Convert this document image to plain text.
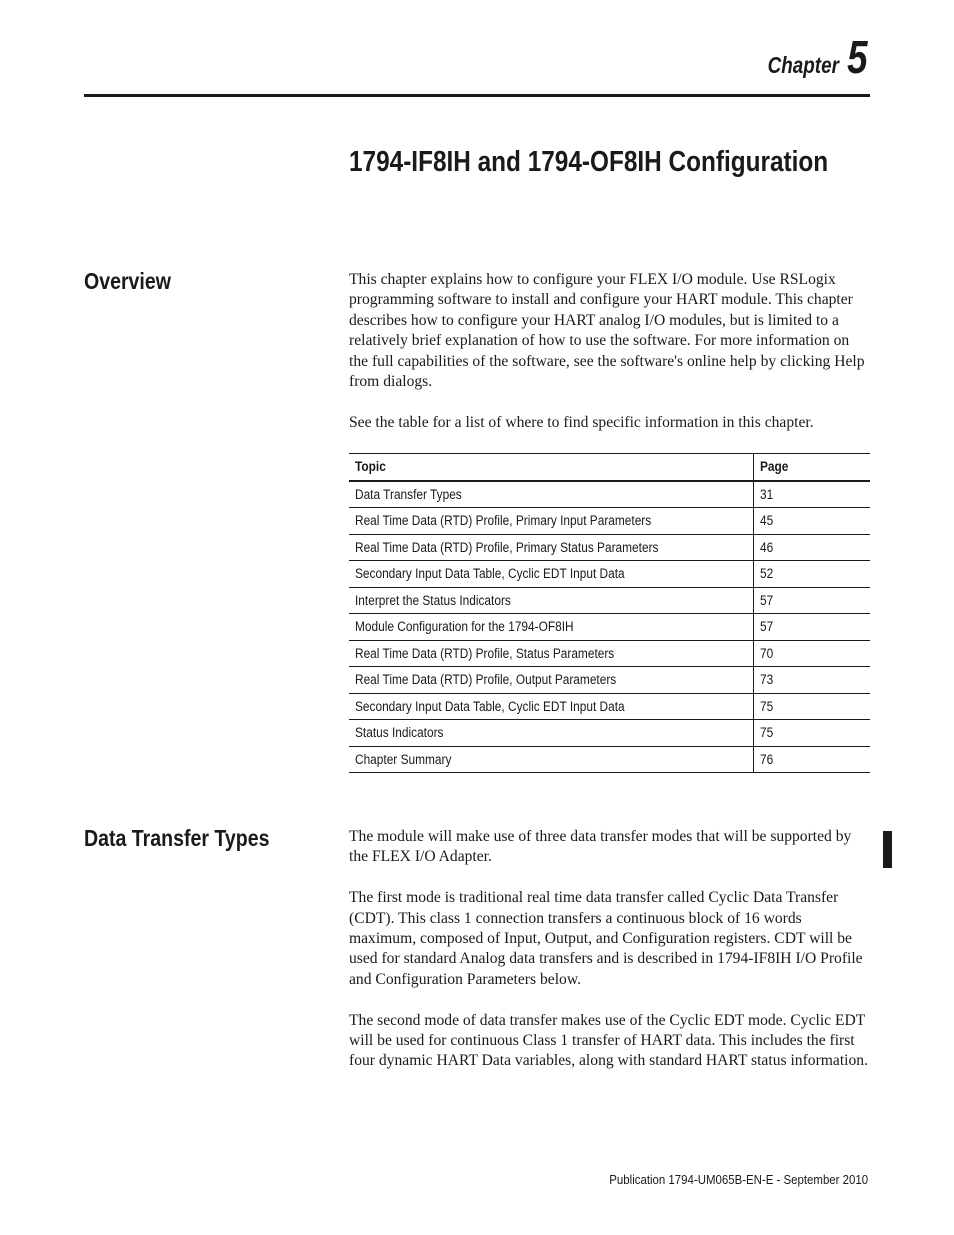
Chapter 5
1794-IF8IH and 1794-OF8IH Configuration
Overview	This chapter explains how to configure your FLEX I/O module. Use RSLogix programming software to install and configure your HART module. This chapter describes how to configure your HART analog I/O modules, but is limited to a relatively brief explanation of how to use the software. For more information on the full capabilities of the software, see the software's online help by clicking Help from dialogs.

See the table for a list of where to find specific information in this chapter.

Topic	Page
Data Transfer Types	31
Real Time Data (RTD) Profile, Primary Input Parameters	45
Real Time Data (RTD) Profile, Primary Status Parameters	46
Secondary Input Data Table, Cyclic EDT Input Data	52
Interpret the Status Indicators	57
Module Configuration for the 1794-OF8IH	57
Real Time Data (RTD) Profile, Status Parameters	70
Real Time Data (RTD) Profile, Output Parameters	73
Secondary Input Data Table, Cyclic EDT Input Data	75
Status Indicators	75
Chapter Summary	76
Data Transfer Types	The module will make use of three data transfer modes that will be supported by the FLEX I/O Adapter.

The first mode is traditional real time data transfer called Cyclic Data Transfer (CDT). This class 1 connection transfers a continuous block of 16 words maximum, composed of Input, Output, and Configuration registers. CDT will be used for standard Analog data transfers and is described in 1794-IF8IH I/O Profile and Configuration Parameters below.

The second mode of data transfer makes use of the Cyclic EDT mode. Cyclic EDT will be used for continuous Class 1 transfer of HART data. This includes the first four dynamic HART Data variables, along with standard HART status information.

Publication 1794-UM065B-EN-E - September 2010
